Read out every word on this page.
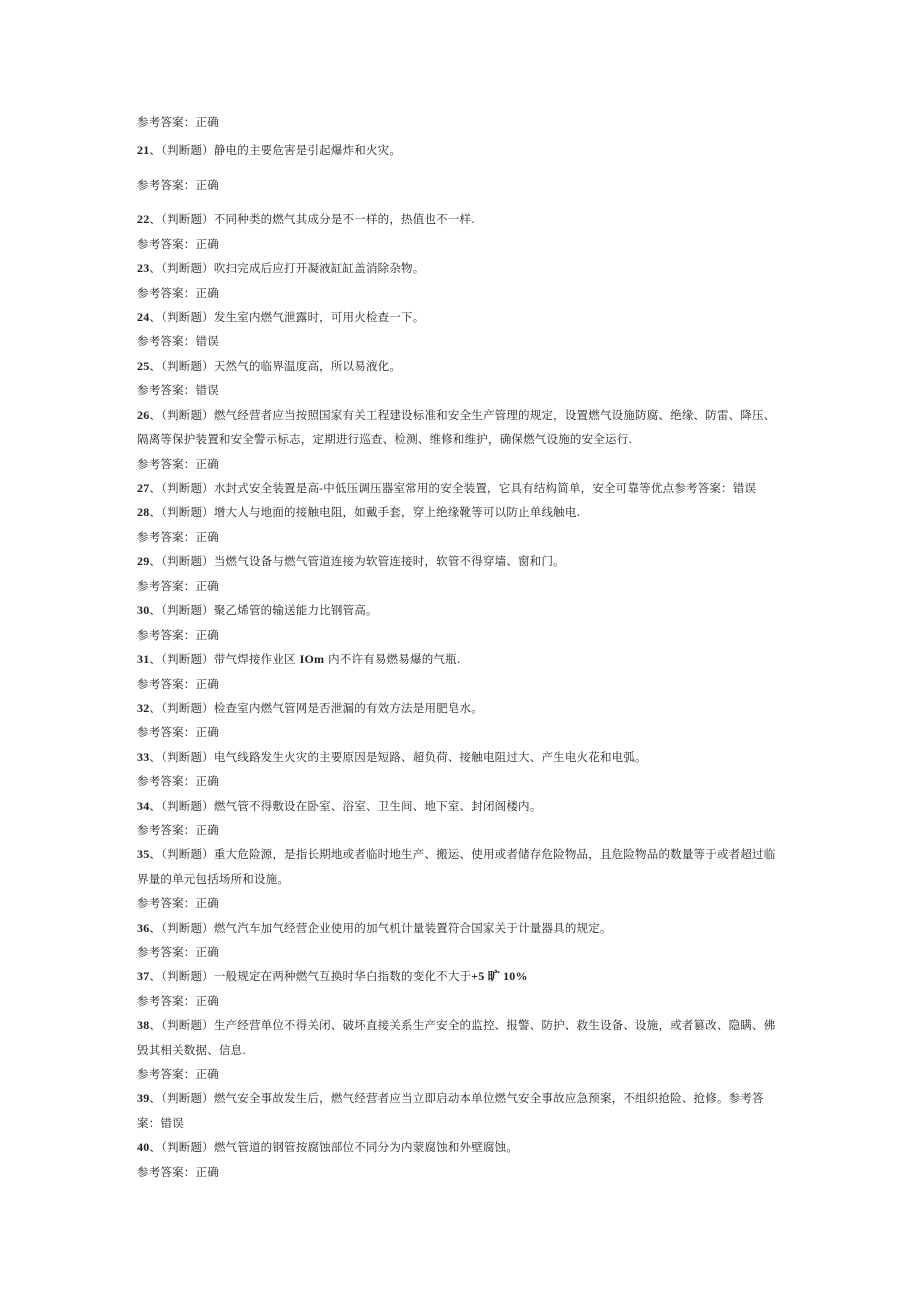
参考答案：正确
21、（判断题）静电的主要危害是引起爆炸和火灾。
参考答案：正确
22、（判断题）不同种类的燃气其成分是不一样的，热值也不一样.
参考答案：正确
23、（判断题）吹扫完成后应打开凝液缸缸盖消除杂物。
参考答案：正确
24、（判断题）发生室内燃气泄露时，可用火检查一下。
参考答案：错误
25、（判断题）天然气的临界温度高，所以易液化。
参考答案：错误
26、（判断题）燃气经营者应当按照国家有关工程建设标准和安全生产管理的规定，设置燃气设施防腐、绝缘、防雷、降压、
隔离等保护装置和安全警示标志，定期进行巡查、检测、维修和维护，确保燃气设施的安全运行.
参考答案：正确
27、（判断题）水封式安全装置是高-中低压调压器室常用的安全装置，它具有结构简单，安全可靠等优点参考答案：错误
28、（判断题）增大人与地面的接触电阻，如戴手套，穿上绝缘靴等可以防止单线触电.
参考答案：正确
29、（判断题）当燃气设备与燃气管道连接为软管连接时，软管不得穿墙、窗和门。
参考答案：正确
30、（判断题）聚乙烯管的输送能力比钢管高。
参考答案：正确
31、（判断题）带气焊接作业区 IOm 内不许有易燃易爆的气瓶.
参考答案：正确
32、（判断题）检查室内燃气管网是否泄漏的有效方法是用肥皂水。
参考答案：正确
33、（判断题）电气线路发生火灾的主要原因是短路、超负荷、接触电阻过大、产生电火花和电弧。
参考答案：正确
34、（判断题）燃气管不得敷设在卧室、浴室、卫生间、地下室、封闭阁楼内。
参考答案：正确
35、（判断题）重大危险源，是指长期地或者临时地生产、搬运、使用或者储存危险物品，且危险物品的数量等于或者超过临
界量的单元包括场所和设施。
参考答案：正确
36、（判断题）燃气汽车加气经营企业使用的加气机计量装置符合国家关于计量器具的规定。
参考答案：正确
37、（判断题）一般规定在两种燃气互换时华白指数的变化不大于+5 旷 10%
参考答案：正确
38、（判断题）生产经营单位不得关闭、破坏直接关系生产安全的监控、报警、防护、救生设备、设施，或者篡改、隐瞒、佛
毁其相关数据、信息.
参考答案：正确
39、（判断题）燃气安全事故发生后，燃气经营者应当立即启动本单位燃气安全事故应急预案，不组织抢险、抢修。参考答
案：错误
40、（判断题）燃气管道的钢管按腐蚀部位不同分为内蒙腐蚀和外壁腐蚀。
参考答案：正确
